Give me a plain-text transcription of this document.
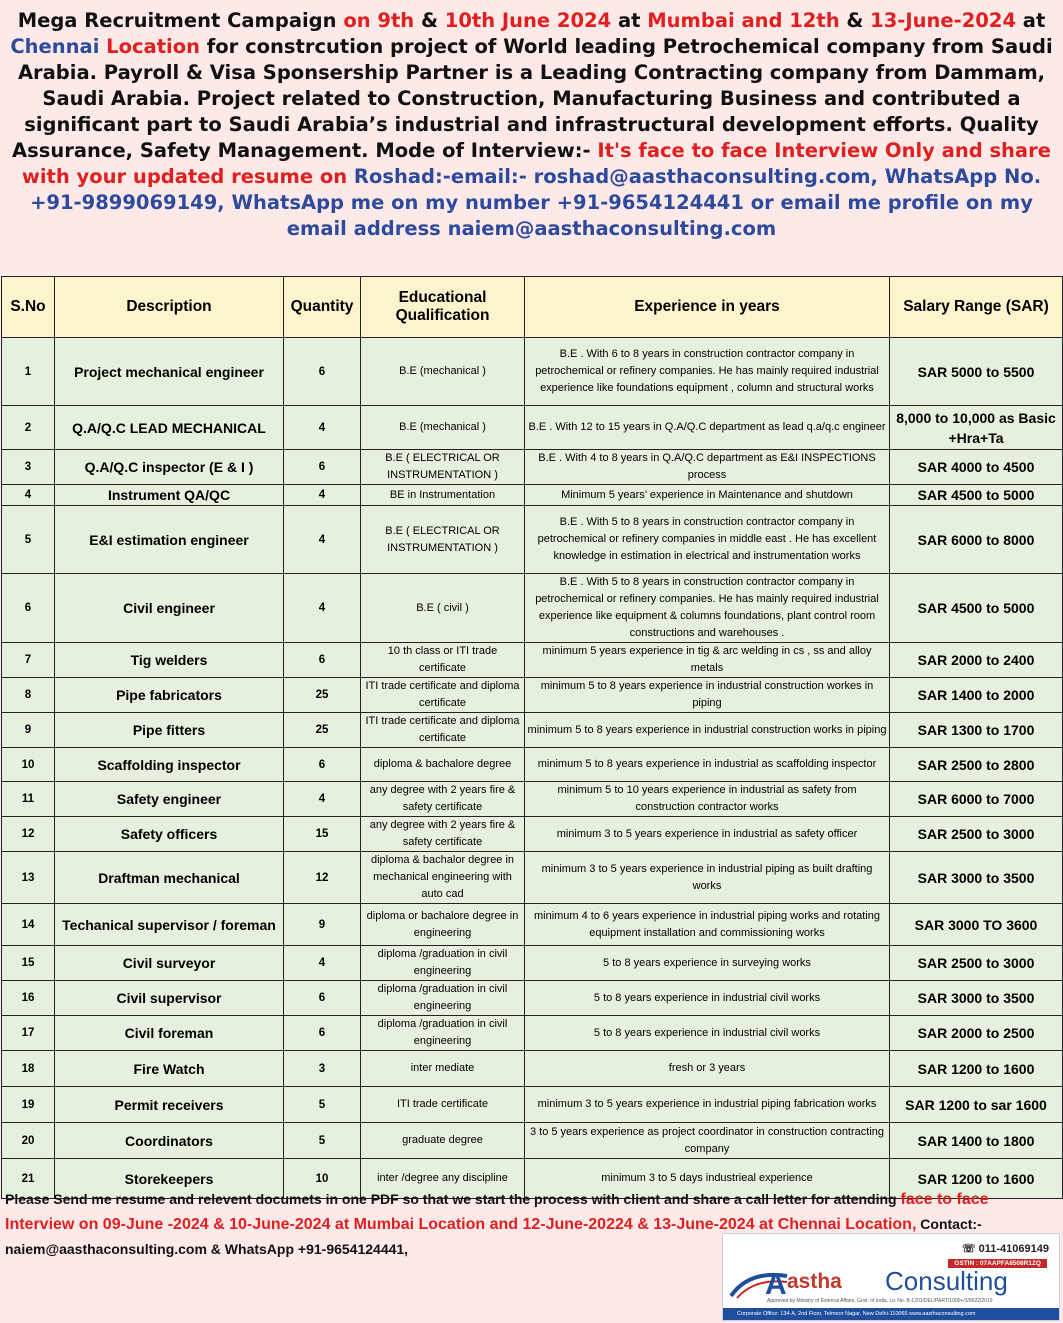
Mega Recruitment Campaign on 9th & 10th June 2024 at Mumbai and 12th & 13-June-2024 at Chennai Location for constrcution project of World leading Petrochemical company from Saudi Arabia. Payroll & Visa Sponsership Partner is a Leading Contracting company from Dammam, Saudi Arabia. Project related to Construction, Manufacturing Business and contributed a significant part to Saudi Arabia’s industrial and infrastructural development efforts. Quality Assurance, Safety Management. Mode of Interview:- It's face to face Interview Only and share with your updated resume on Roshad:-email:- roshad@aasthaconsulting.com, WhatsApp No. +91-9899069149, WhatsApp me on my number +91-9654124441 or email me profile on my email address naiem@aasthaconsulting.com
S.No	Description	Quantity	Educational Qualification	Experience in years	Salary Range (SAR)
1	Project mechanical engineer	6	B.E (mechanical )	B.E . With 6 to 8 years in construction contractor company in petrochemical or refinery companies. He has mainly required industrial experience like foundations equipment , column and structural works	SAR 5000 to 5500
2	Q.A/Q.C LEAD MECHANICAL	4	B.E (mechanical )	B.E . With 12 to 15 years in Q.A/Q.C department as lead q.a/q.c engineer	8,000 to 10,000 as Basic +Hra+Ta
3	Q.A/Q.C inspector (E & I )	6	B.E ( ELECTRICAL OR INSTRUMENTATION )	B.E . With 4 to 8 years in Q.A/Q.C department as E&I INSPECTIONS process	SAR 4000 to 4500
4	Instrument QA/QC	4	BE in Instrumentation	Minimum 5 years’ experience in Maintenance and shutdown	SAR 4500 to 5000
5	E&I estimation engineer	4	B.E ( ELECTRICAL OR INSTRUMENTATION )	B.E . With 5 to 8 years in construction contractor company in petrochemical or refinery companies in middle east . He has excellent knowledge in estimation in electrical and instrumentation works	SAR 6000 to 8000
6	Civil engineer	4	B.E ( civil )	B.E . With 5 to 8 years in construction contractor company in petrochemical or refinery companies. He has mainly required industrial experience like equipment & columns foundations, plant control room constructions and warehouses .	SAR 4500 to 5000
7	Tig welders	6	10 th class or ITI trade certificate	minimum 5 years experience in tig & arc welding in cs , ss and alloy metals	SAR 2000 to 2400
8	Pipe fabricators	25	ITI trade certificate and diploma certificate	minimum 5 to 8 years experience in industrial construction workes in piping	SAR 1400 to 2000
9	Pipe fitters	25	ITI trade certificate and diploma certificate	minimum 5 to 8 years experience in industrial construction works in piping	SAR 1300 to 1700
10	Scaffolding inspector	6	diploma & bachalore degree	minimum 5 to 8 years experience in industrial as scaffolding inspector	SAR 2500 to 2800
11	Safety engineer	4	any degree with 2 years fire & safety certificate	minimum 5 to 10 years experience in industrial as safety from construction contractor works	SAR 6000 to 7000
12	Safety officers	15	any degree with 2 years fire & safety certificate	minimum 3 to 5 years experience in industrial as safety officer	SAR 2500 to 3000
13	Draftman mechanical	12	diploma & bachalor degree in mechanical engineering with auto cad	minimum 3 to 5 years experience in industrial piping as built drafting works	SAR 3000 to 3500
14	Techanical supervisor / foreman	9	diploma or bachalore degree in engineering	minimum 4 to 6 years experience in industrial piping works and rotating equipment installation and commissioning works	SAR 3000 TO 3600
15	Civil surveyor	4	diploma /graduation in civil engineering	5 to 8 years experience in surveying works	SAR 2500 to 3000
16	Civil supervisor	6	diploma /graduation in civil engineering	5 to 8 years experience in industrial civil works	SAR 3000 to 3500
17	Civil foreman	6	diploma /graduation in civil engineering	5 to 8 years experience in industrial civil works	SAR 2000 to 2500
18	Fire Watch	3	inter mediate	fresh or 3 years	SAR 1200 to 1600
19	Permit receivers	5	ITI trade certificate	minimum 3 to 5 years experience in industrial piping fabrication works	SAR 1200 to sar 1600
20	Coordinators	5	graduate degree	3 to 5 years experience as project coordinator in construction contracting company	SAR 1400 to 1800
21	Storekeepers	10	inter /degree any discipline	minimum 3 to 5 days industrieal experience	SAR 1200 to 1600
Please Send me resume and relevent documets in one PDF so that we start the process with client and share a call letter for attending face to face Interview on 09-June -2024 & 10-June-2024 at Mumbai Location and 12-June-20224 & 13-June-2024 at Chennai Location, Contact:- naiem@aasthaconsulting.com & WhatsApp +91-9654124441,	☏ 011-41069149
GSTIN : 07AAPFA8508R1ZQ
A astha Consulting
Approved by Ministry of External Affairs, Govt. of India, Lic No. B-1201/DEL/PART/1000+/3/9622/2019
Corporate Office: 134-A, 2nd Floor, Telmoor Nagar, New Delhi-110065 www.aasthaconsulting.com
